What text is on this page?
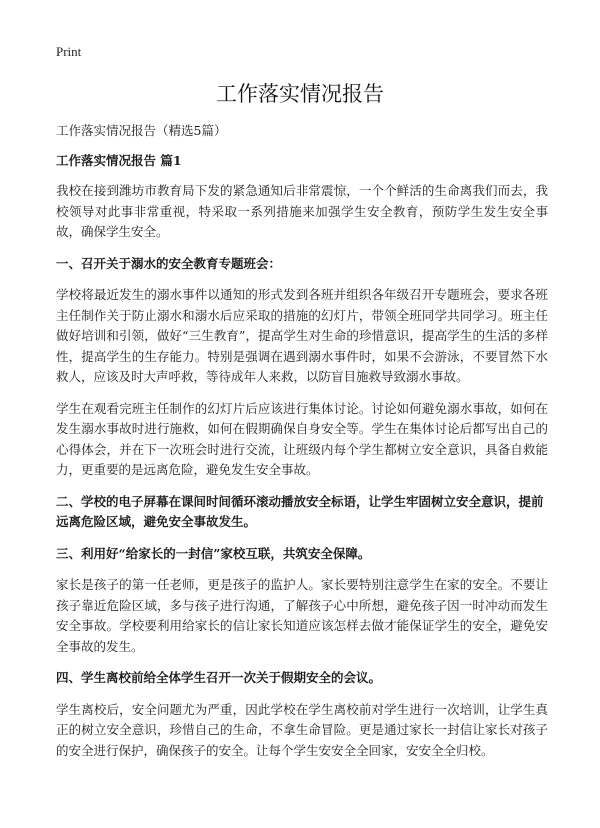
Print
工作落实情况报告

工作落实情况报告（精选5篇）

工作落实情况报告 篇1

我校在接到潍坊市教育局下发的紧急通知后非常震惊，一个个鲜活的生命离我们而去，我校领导对此事非常重视，特采取一系列措施来加强学生安全教育，预防学生发生安全事故，确保学生安全。

一、召开关于溺水的安全教育专题班会：

学校将最近发生的溺水事件以通知的形式发到各班并组织各年级召开专题班会，要求各班主任制作关于防止溺水和溺水后应采取的措施的幻灯片，带领全班同学共同学习。班主任做好培训和引领，做好“三生教育”，提高学生对生命的珍惜意识，提高学生的生活的多样性，提高学生的生存能力。特别是强调在遇到溺水事件时，如果不会游泳，不要冒然下水救人，应该及时大声呼救，等待成年人来救，以防盲目施救导致溺水事故。

学生在观看完班主任制作的幻灯片后应该进行集体讨论。讨论如何避免溺水事故，如何在发生溺水事故时进行施救，如何在假期确保自身安全等。学生在集体讨论后都写出自己的心得体会，并在下一次班会时进行交流，让班级内每个学生都树立安全意识，具备自救能力，更重要的是远离危险，避免发生安全事故。

二、学校的电子屏幕在课间时间循环滚动播放安全标语，让学生牢固树立安全意识，提前远离危险区域，避免安全事故发生。

三、利用好“给家长的一封信”家校互联，共筑安全保障。

家长是孩子的第一任老师，更是孩子的监护人。家长要特别注意学生在家的安全。不要让孩子靠近危险区域，多与孩子进行沟通，了解孩子心中所想，避免孩子因一时冲动而发生安全事故。学校要利用给家长的信让家长知道应该怎样去做才能保证学生的安全，避免安全事故的发生。

四、学生离校前给全体学生召开一次关于假期安全的会议。

学生离校后，安全问题尤为严重，因此学校在学生离校前对学生进行一次培训，让学生真正的树立安全意识，珍惜自己的生命，不拿生命冒险。更是通过家长一封信让家长对孩子的安全进行保护，确保孩子的安全。让每个学生安安全全回家，安安全全归校。
